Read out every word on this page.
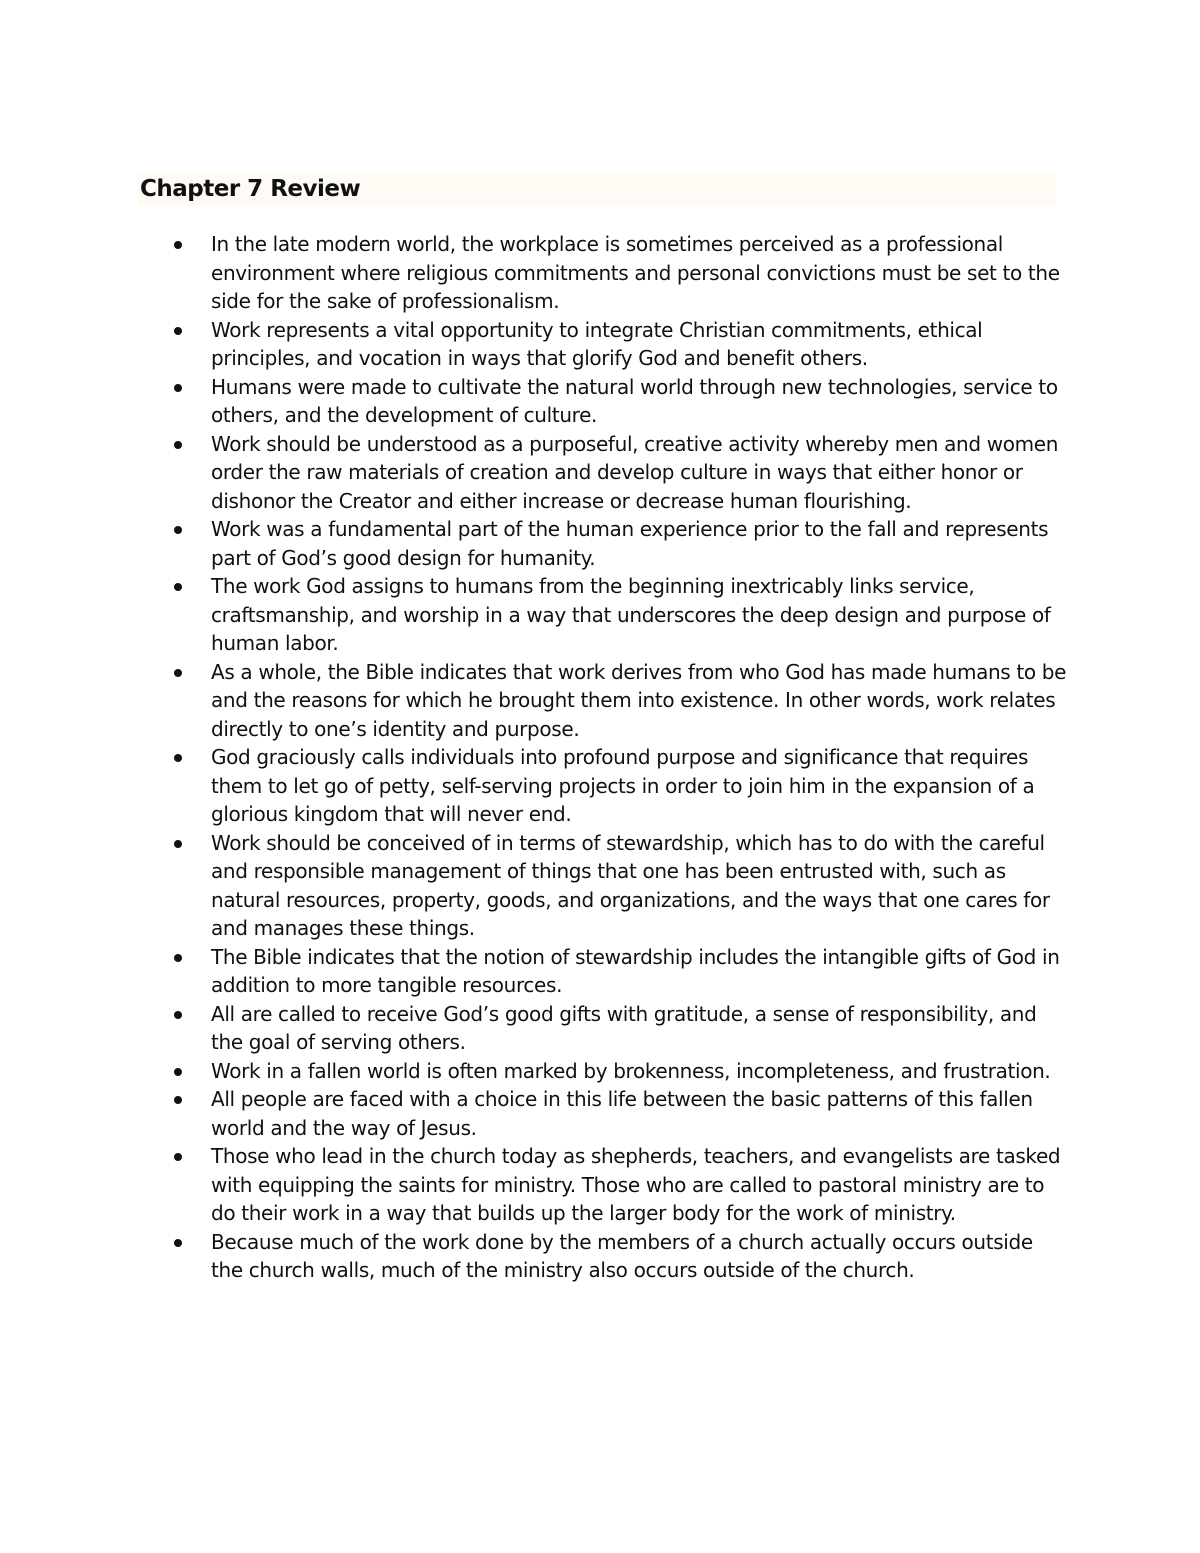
Chapter 7 Review
In the late modern world, the workplace is sometimes perceived as a professional environment where religious commitments and personal convictions must be set to the side for the sake of professionalism.
Work represents a vital opportunity to integrate Christian commitments, ethical principles, and vocation in ways that glorify God and benefit others.
Humans were made to cultivate the natural world through new technologies, service to others, and the development of culture.
Work should be understood as a purposeful, creative activity whereby men and women order the raw materials of creation and develop culture in ways that either honor or dishonor the Creator and either increase or decrease human flourishing.
Work was a fundamental part of the human experience prior to the fall and represents part of God’s good design for humanity.
The work God assigns to humans from the beginning inextricably links service, craftsmanship, and worship in a way that underscores the deep design and purpose of human labor.
As a whole, the Bible indicates that work derives from who God has made humans to be and the reasons for which he brought them into existence. In other words, work relates directly to one’s identity and purpose.
God graciously calls individuals into profound purpose and significance that requires them to let go of petty, self-serving projects in order to join him in the expansion of a glorious kingdom that will never end.
Work should be conceived of in terms of stewardship, which has to do with the careful and responsible management of things that one has been entrusted with, such as natural resources, property, goods, and organizations, and the ways that one cares for and manages these things.
The Bible indicates that the notion of stewardship includes the intangible gifts of God in addition to more tangible resources.
All are called to receive God’s good gifts with gratitude, a sense of responsibility, and the goal of serving others.
Work in a fallen world is often marked by brokenness, incompleteness, and frustration.
All people are faced with a choice in this life between the basic patterns of this fallen world and the way of Jesus.
Those who lead in the church today as shepherds, teachers, and evangelists are tasked with equipping the saints for ministry. Those who are called to pastoral ministry are to do their work in a way that builds up the larger body for the work of ministry.
Because much of the work done by the members of a church actually occurs outside the church walls, much of the ministry also occurs outside of the church.
